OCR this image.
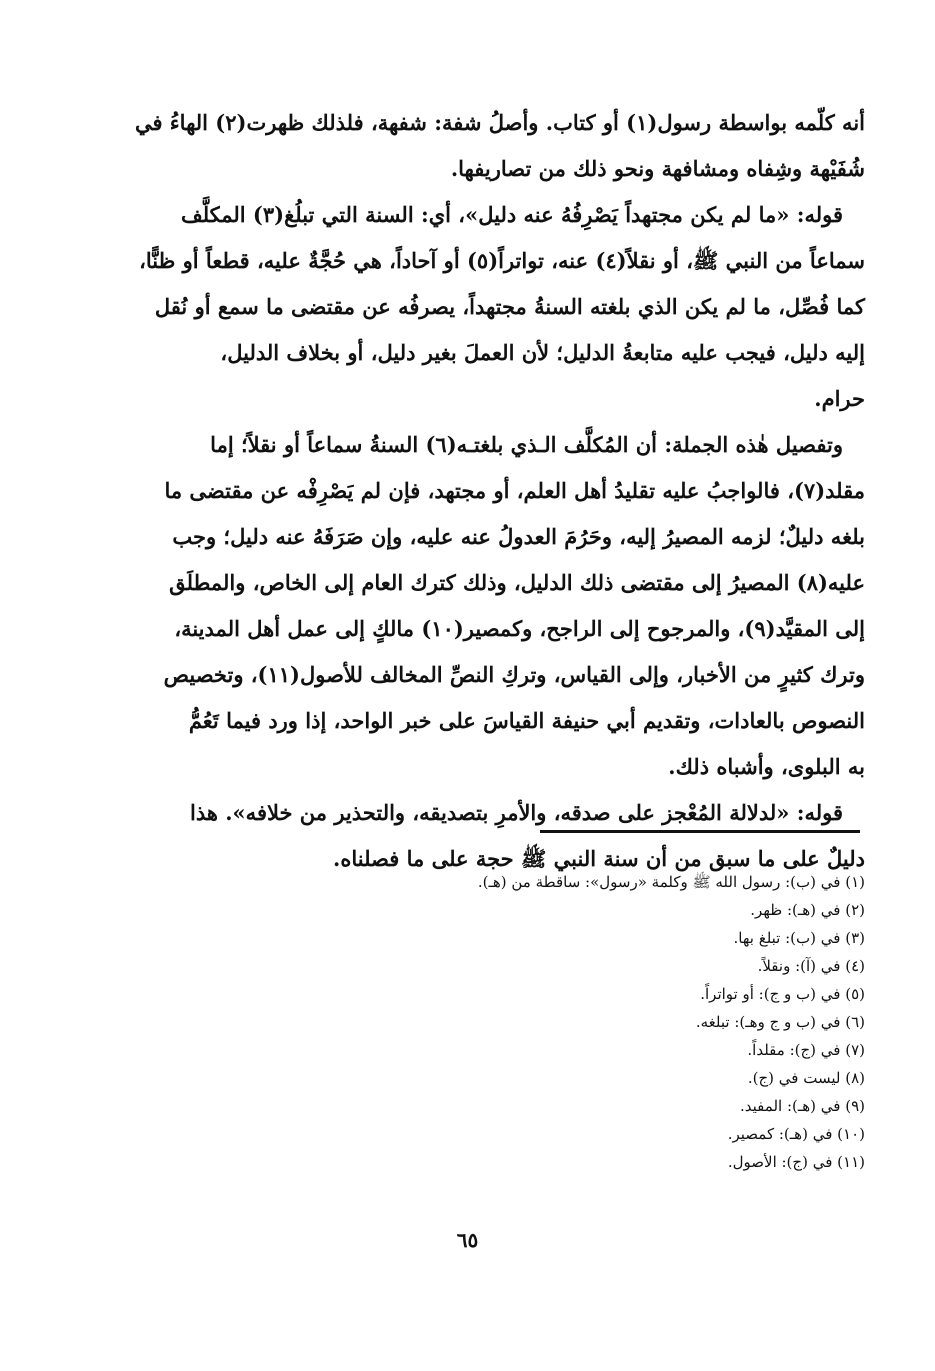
أنه كلّمه بواسطة رسول(١) أو كتاب. وأصلُ شفة: شفهة، فلذلك ظهرت(٢) الهاءُ في
شُفَيْهة وشِفاه ومشافهة ونحو ذلك من تصاريفها.
قوله: «ما لم يكن مجتهداً يَصْرِفُهُ عنه دليل»، أي: السنة التي تبلُغ(٣) المكلَّف
سماعاً من النبي ﷺ، أو نقلاً(٤) عنه، تواتراً(٥) أو آحاداً، هي حُجَّةٌ عليه، قطعاً أو ظنًّا،
كما فُصِّل، ما لم يكن الذي بلغته السنةُ مجتهداً، يصرفُه عن مقتضى ما سمع أو نُقل
إليه دليل، فيجب عليه متابعةُ الدليل؛ لأن العملَ بغير دليل، أو بخلاف الدليل،
حرام.
وتفصيل هٰذه الجملة: أن المُكلَّف الـذي بلغتـه(٦) السنةُ سماعاً أو نقلاً؛ إما
مقلد(٧)، فالواجبُ عليه تقليدُ أهل العلم، أو مجتهد، فإن لم يَصْرِفْه عن مقتضى ما
بلغه دليلٌ؛ لزمه المصيرُ إليه، وحَرُمَ العدولُ عنه عليه، وإن صَرَفَهُ عنه دليل؛ وجب
عليه(٨) المصيرُ إلى مقتضى ذلك الدليل، وذلك كترك العام إلى الخاص، والمطلَق
إلى المقيَّد(٩)، والمرجوح إلى الراجح، وكمصير(١٠) مالكٍ إلى عمل أهل المدينة،
وترك كثيرٍ من الأخبار، وإلى القياس، وتركِ النصِّ المخالف للأصول(١١)، وتخصيص
النصوص بالعادات، وتقديم أبي حنيفة القياسَ على خبر الواحد، إذا ورد فيما تَعُمُّ
به البلوى، وأشباه ذلك.
قوله: «لدلالة المُعْجز على صدقه، والأمرِ بتصديقه، والتحذير من خلافه». هذا
دليلٌ على ما سبق من أن سنة النبي ﷺ حجة على ما فصلناه.
(١) في (ب): رسول الله ﷺ وكلمة «رسول»: ساقطة من (هـ).
(٢) في (هـ): ظهر.
(٣) في (ب): تبلغ بها.
(٤) في (آ): ونقلاً.
(٥) في (ب و ج): أو تواتراً.
(٦) في (ب و ج وهـ): تبلغه.
(٧) في (ج): مقلداً.
(٨) ليست في (ج).
(٩) في (هـ): المفيد.
(١٠) في (هـ): كمصير.
(١١) في (ج): الأصول.
٦٥
